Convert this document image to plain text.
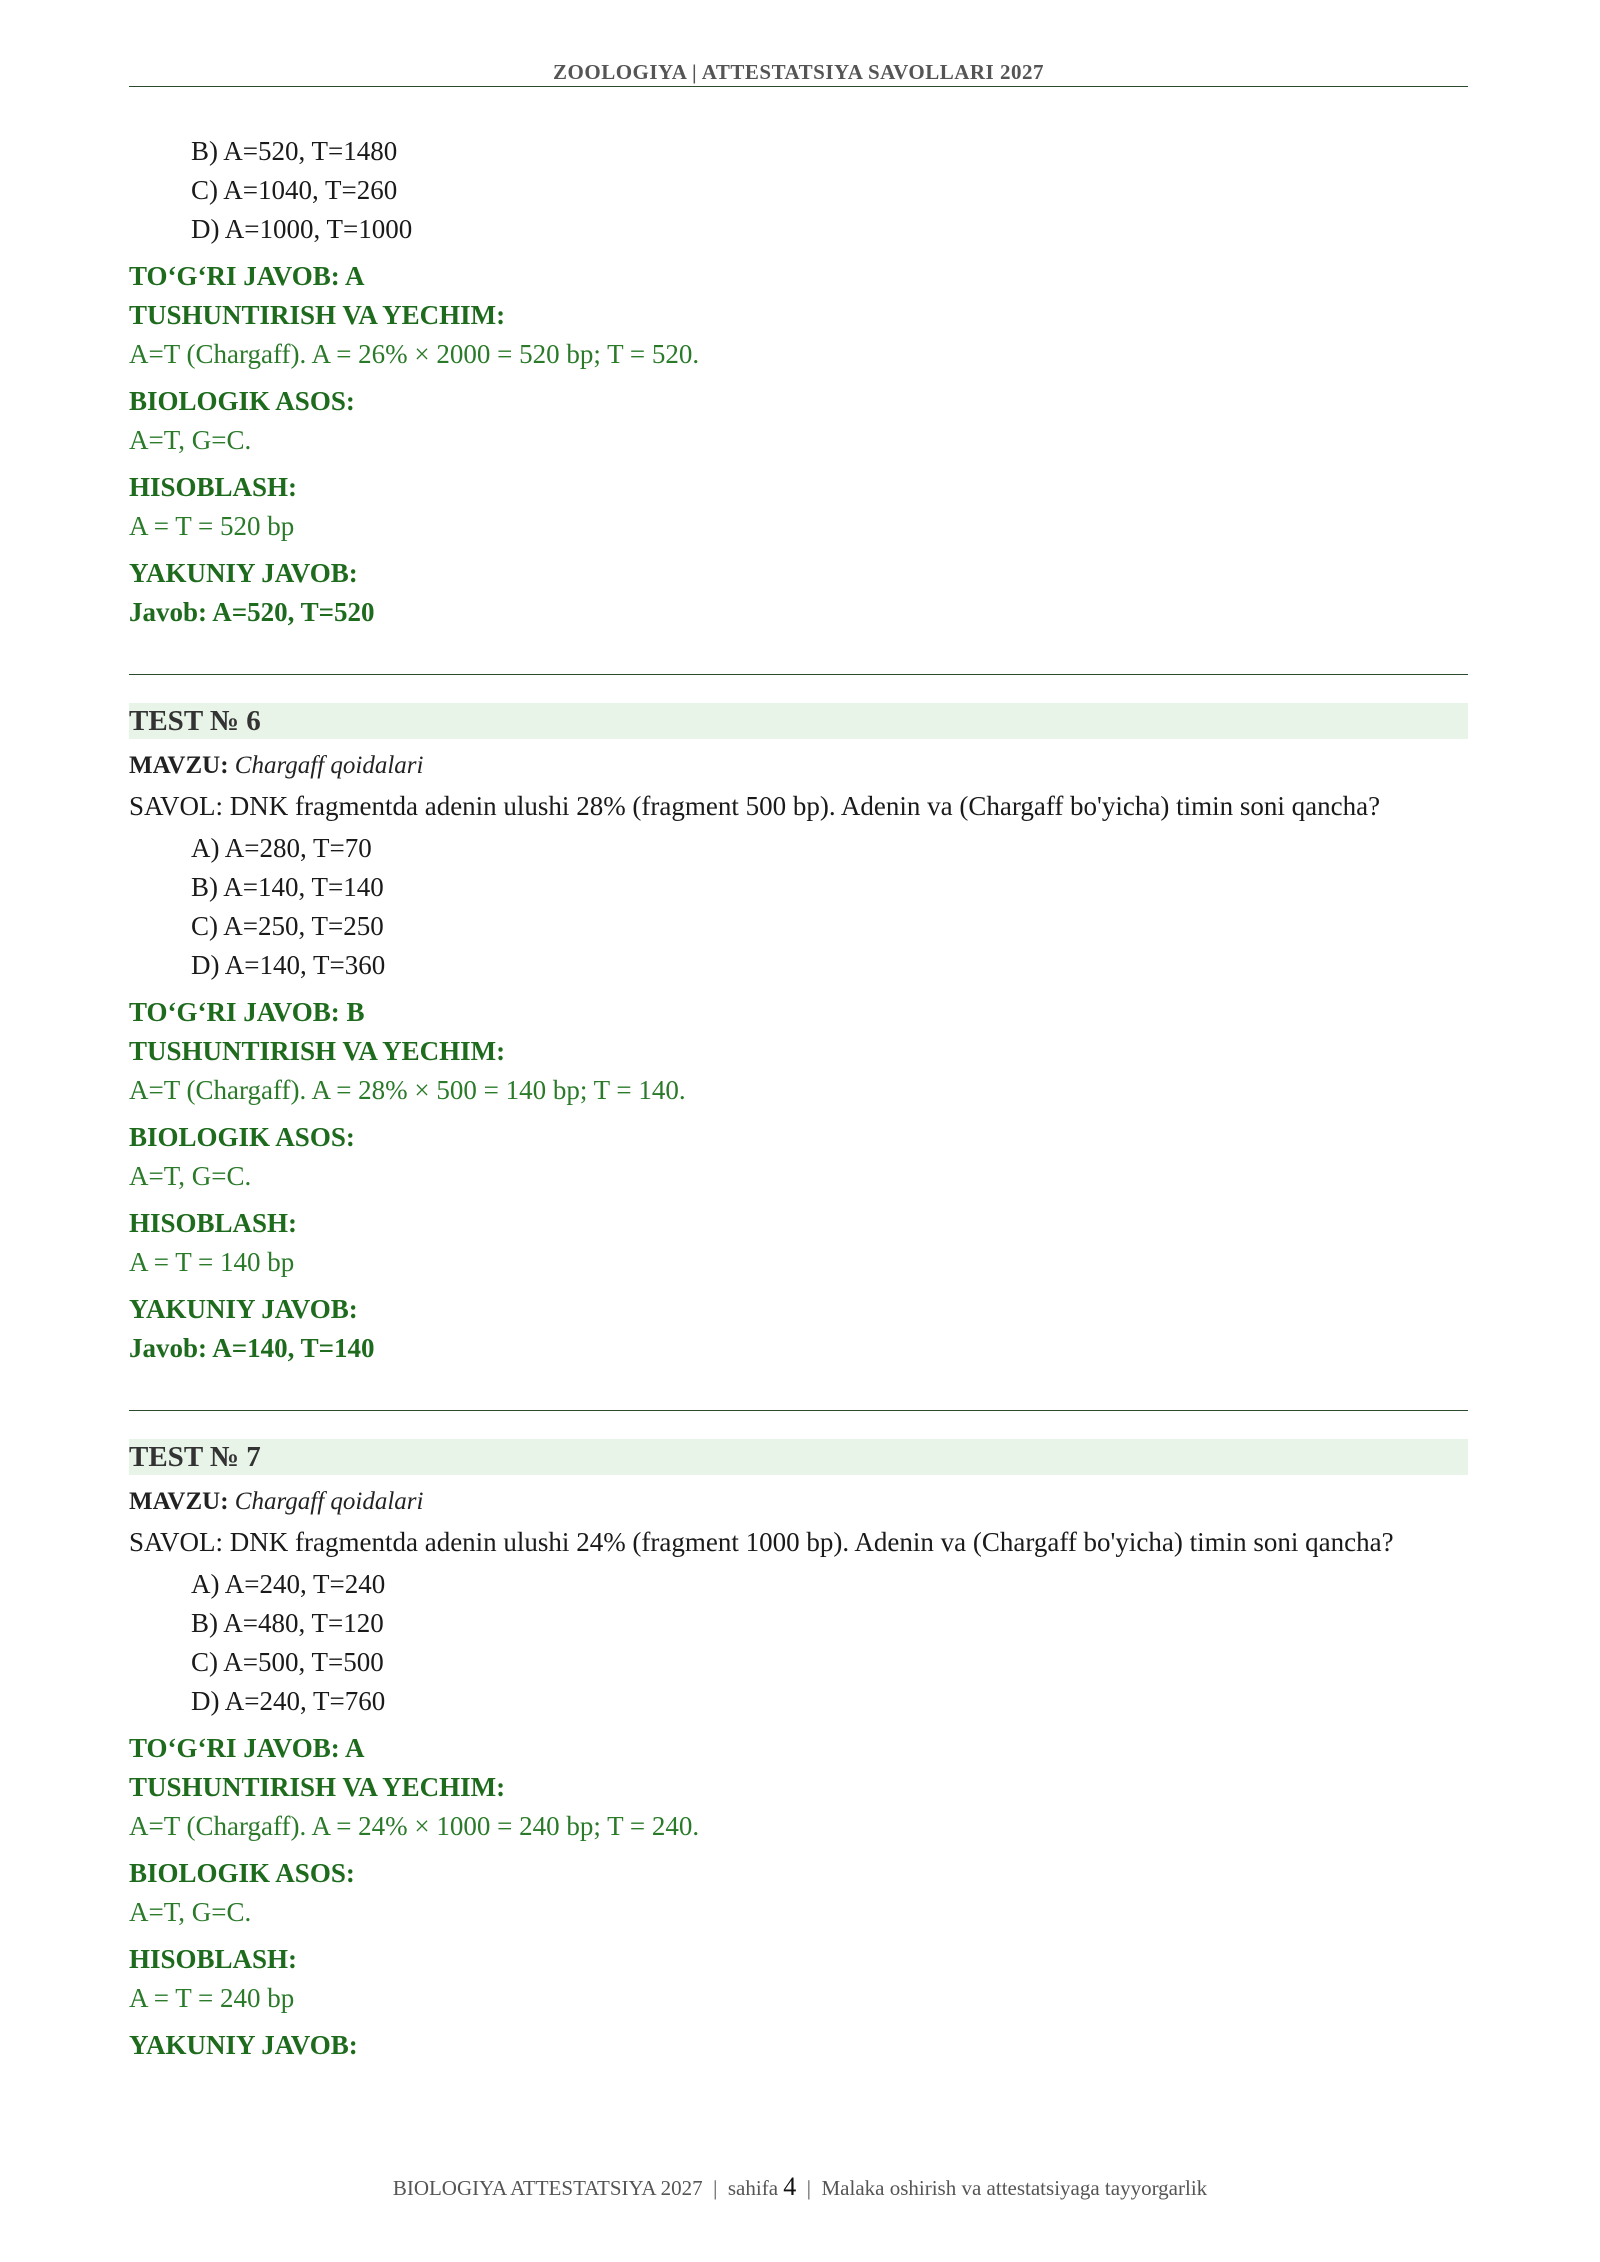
ZOOLOGIYA | ATTESTATSIYA SAVOLLARI 2027
B) A=520, T=1480
C) A=1040, T=260
D) A=1000, T=1000
TO‘G‘RI JAVOB: A
TUSHUNTIRISH VA YECHIM:
A=T (Chargaff). A = 26% × 2000 = 520 bp; T = 520.
BIOLOGIK ASOS:
A=T, G=C.
HISOBLASH:
A = T = 520 bp
YAKUNIY JAVOB:
Javob: A=520, T=520
TEST № 6
MAVZU: Chargaff qoidalari
SAVOL: DNK fragmentda adenin ulushi 28% (fragment 500 bp). Adenin va (Chargaff bo'yicha) timin soni qancha?
A) A=280, T=70
B) A=140, T=140
C) A=250, T=250
D) A=140, T=360
TO‘G‘RI JAVOB: B
TUSHUNTIRISH VA YECHIM:
A=T (Chargaff). A = 28% × 500 = 140 bp; T = 140.
BIOLOGIK ASOS:
A=T, G=C.
HISOBLASH:
A = T = 140 bp
YAKUNIY JAVOB:
Javob: A=140, T=140
TEST № 7
MAVZU: Chargaff qoidalari
SAVOL: DNK fragmentda adenin ulushi 24% (fragment 1000 bp). Adenin va (Chargaff bo'yicha) timin soni qancha?
A) A=240, T=240
B) A=480, T=120
C) A=500, T=500
D) A=240, T=760
TO‘G‘RI JAVOB: A
TUSHUNTIRISH VA YECHIM:
A=T (Chargaff). A = 24% × 1000 = 240 bp; T = 240.
BIOLOGIK ASOS:
A=T, G=C.
HISOBLASH:
A = T = 240 bp
YAKUNIY JAVOB:
BIOLOGIYA ATTESTATSIYA 2027 | sahifa 4 | Malaka oshirish va attestatsiyaga tayyorgarlik
